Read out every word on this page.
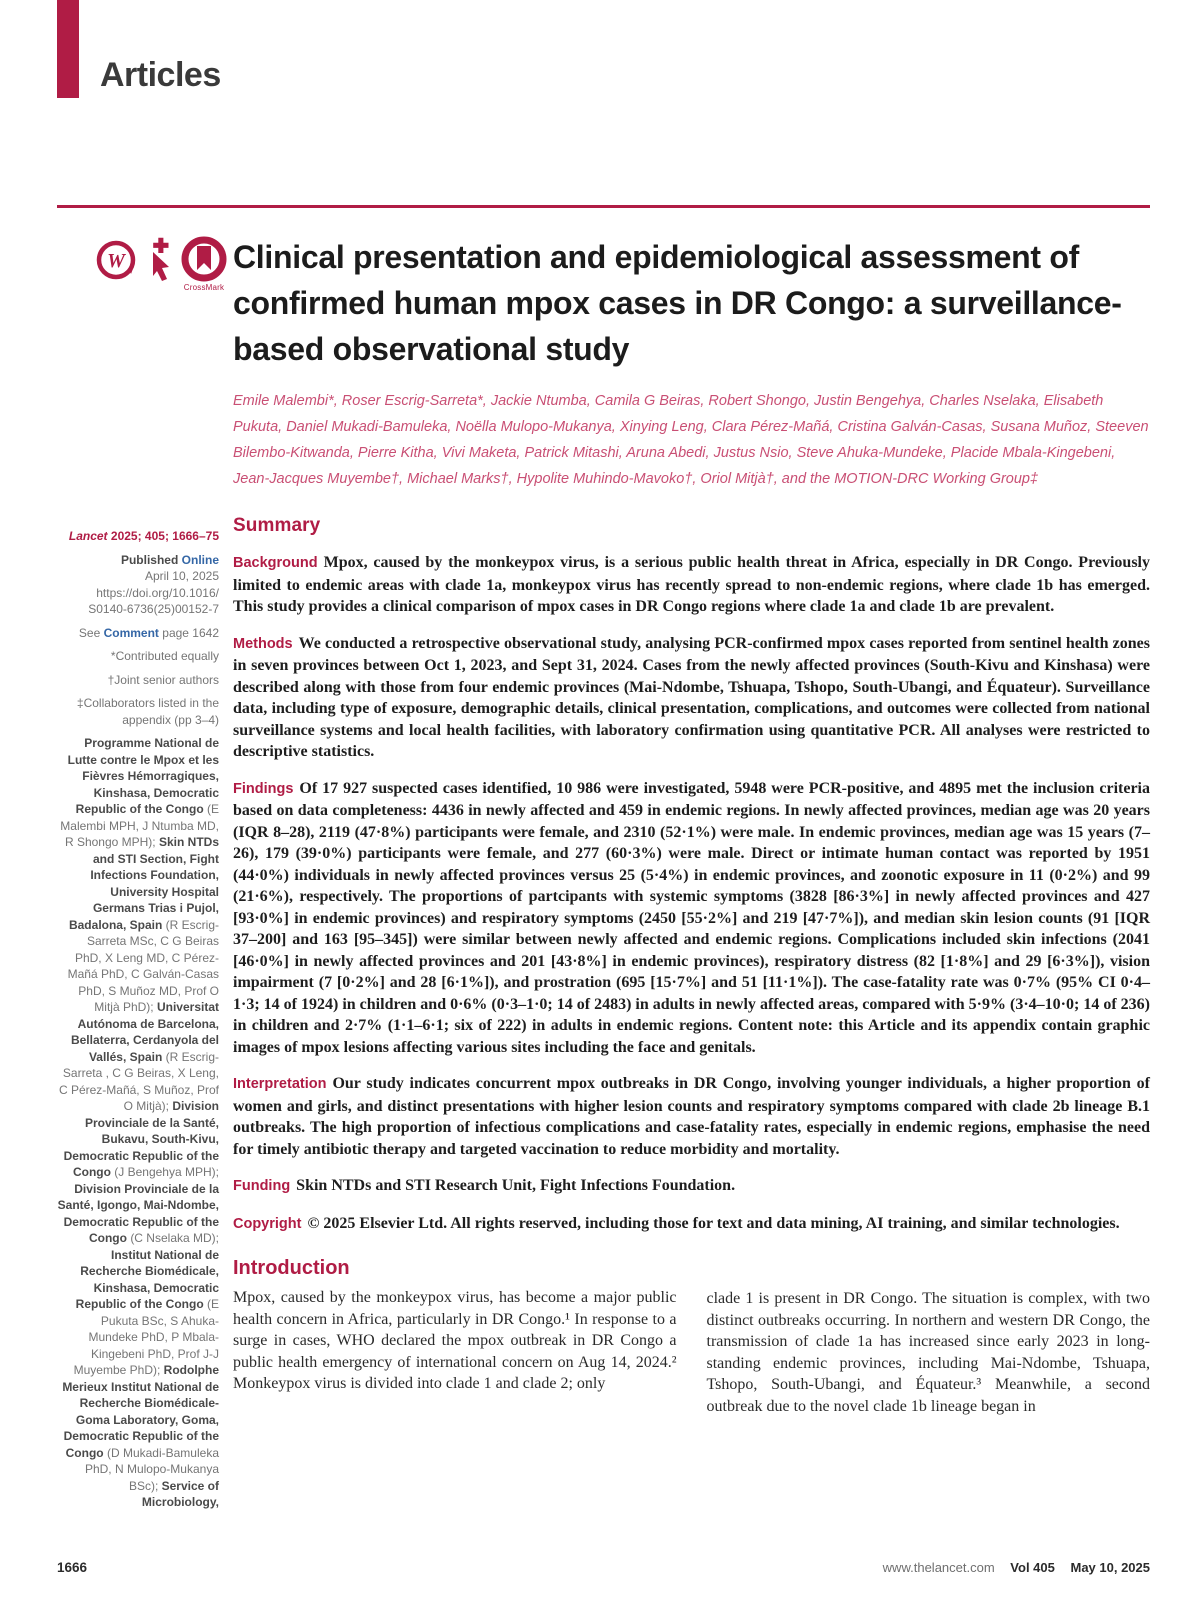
Articles
W
CrossMark
Clinical presentation and epidemiological assessment of confirmed human mpox cases in DR Congo: a surveillance-based observational study
Emile Malembi*, Roser Escrig-Sarreta*, Jackie Ntumba, Camila G Beiras, Robert Shongo, Justin Bengehya, Charles Nselaka, Elisabeth Pukuta, Daniel Mukadi-Bamuleka, Noëlla Mulopo-Mukanya, Xinying Leng, Clara Pérez-Mañá, Cristina Galván-Casas, Susana Muñoz, Steeven Bilembo-Kitwanda, Pierre Kitha, Vivi Maketa, Patrick Mitashi, Aruna Abedi, Justus Nsio, Steve Ahuka-Mundeke, Placide Mbala-Kingebeni, Jean-Jacques Muyembe†, Michael Marks†, Hypolite Muhindo-Mavoko†, Oriol Mitjà†, and the MOTION-DRC Working Group‡
Summary

Background Mpox, caused by the monkeypox virus, is a serious public health threat in Africa, especially in DR Congo. Previously limited to endemic areas with clade 1a, monkeypox virus has recently spread to non-endemic regions, where clade 1b has emerged. This study provides a clinical comparison of mpox cases in DR Congo regions where clade 1a and clade 1b are prevalent.

Methods We conducted a retrospective observational study, analysing PCR-confirmed mpox cases reported from sentinel health zones in seven provinces between Oct 1, 2023, and Sept 31, 2024. Cases from the newly affected provinces (South-Kivu and Kinshasa) were described along with those from four endemic provinces (Mai-Ndombe, Tshuapa, Tshopo, South-Ubangi, and Équateur). Surveillance data, including type of exposure, demographic details, clinical presentation, complications, and outcomes were collected from national surveillance systems and local health facilities, with laboratory confirmation using quantitative PCR. All analyses were restricted to descriptive statistics.

Findings Of 17 927 suspected cases identified, 10 986 were investigated, 5948 were PCR-positive, and 4895 met the inclusion criteria based on data completeness: 4436 in newly affected and 459 in endemic regions. In newly affected provinces, median age was 20 years (IQR 8–28), 2119 (47·8%) participants were female, and 2310 (52·1%) were male. In endemic provinces, median age was 15 years (7–26), 179 (39·0%) participants were female, and 277 (60·3%) were male. Direct or intimate human contact was reported by 1951 (44·0%) individuals in newly affected provinces versus 25 (5·4%) in endemic provinces, and zoonotic exposure in 11 (0·2%) and 99 (21·6%), respectively. The proportions of partcipants with systemic symptoms (3828 [86·3%] in newly affected provinces and 427 [93·0%] in endemic provinces) and respiratory symptoms (2450 [55·2%] and 219 [47·7%]), and median skin lesion counts (91 [IQR 37–200] and 163 [95–345]) were similar between newly affected and endemic regions. Complications included skin infections (2041 [46·0%] in newly affected provinces and 201 [43·8%] in endemic provinces), respiratory distress (82 [1·8%] and 29 [6·3%]), vision impairment (7 [0·2%] and 28 [6·1%]), and prostration (695 [15·7%] and 51 [11·1%]). The case-fatality rate was 0·7% (95% CI 0·4–1·3; 14 of 1924) in children and 0·6% (0·3–1·0; 14 of 2483) in adults in newly affected areas, compared with 5·9% (3·4–10·0; 14 of 236) in children and 2·7% (1·1–6·1; six of 222) in adults in endemic regions. Content note: this Article and its appendix contain graphic images of mpox lesions affecting various sites including the face and genitals.

Interpretation Our study indicates concurrent mpox outbreaks in DR Congo, involving younger individuals, a higher proportion of women and girls, and distinct presentations with higher lesion counts and respiratory symptoms compared with clade 2b lineage B.1 outbreaks. The high proportion of infectious complications and case-fatality rates, especially in endemic regions, emphasise the need for timely antibiotic therapy and targeted vaccination to reduce morbidity and mortality.

Funding Skin NTDs and STI Research Unit, Fight Infections Foundation.

Copyright © 2025 Elsevier Ltd. All rights reserved, including those for text and data mining, AI training, and similar technologies.

Introduction

Mpox, caused by the monkeypox virus, has become a major public health concern in Africa, particularly in DR Congo.¹ In response to a surge in cases, WHO declared the mpox outbreak in DR Congo a public health emergency of international concern on Aug 14, 2024.² Monkeypox virus is divided into clade 1 and clade 2; only

clade 1 is present in DR Congo. The situation is complex, with two distinct outbreaks occurring. In northern and western DR Congo, the transmission of clade 1a has increased since early 2023 in long-standing endemic provinces, including Mai-Ndombe, Tshuapa, Tshopo, South-Ubangi, and Équateur.³ Meanwhile, a second outbreak due to the novel clade 1b lineage began in

Lancet 2025; 405; 1666–75
Published Online
April 10, 2025
https://doi.org/10.1016/
S0140-6736(25)00152-7
See Comment page 1642
*Contributed equally
†Joint senior authors
‡Collaborators listed in the appendix (pp 3–4)
Programme National de Lutte contre le Mpox et les Fièvres Hémorragiques, Kinshasa, Democratic Republic of the Congo (E Malembi MPH, J Ntumba MD, R Shongo MPH); Skin NTDs and STI Section, Fight Infections Foundation, University Hospital Germans Trias i Pujol, Badalona, Spain (R Escrig-Sarreta MSc, C G Beiras PhD, X Leng MD, C Pérez-Mañá PhD, C Galván-Casas PhD, S Muñoz MD, Prof O Mitjà PhD); Universitat Autónoma de Barcelona, Bellaterra, Cerdanyola del Vallés, Spain (R Escrig-Sarreta , C G Beiras, X Leng, C Pérez-Mañá, S Muñoz, Prof O Mitjà); Division Provinciale de la Santé, Bukavu, South-Kivu, Democratic Republic of the Congo (J Bengehya MPH); Division Provinciale de la Santé, Igongo, Mai-Ndombe, Democratic Republic of the Congo (C Nselaka MD); Institut National de Recherche Biomédicale, Kinshasa, Democratic Republic of the Congo (E Pukuta BSc, S Ahuka-Mundeke PhD, P Mbala-Kingebeni PhD, Prof J-J Muyembe PhD); Rodolphe Merieux Institut National de Recherche Biomédicale-Goma Laboratory, Goma, Democratic Republic of the Congo (D Mukadi-Bamuleka PhD, N Mulopo-Mukanya BSc); Service of Microbiology,
1666	www.thelancet.com Vol 405 May 10, 2025
